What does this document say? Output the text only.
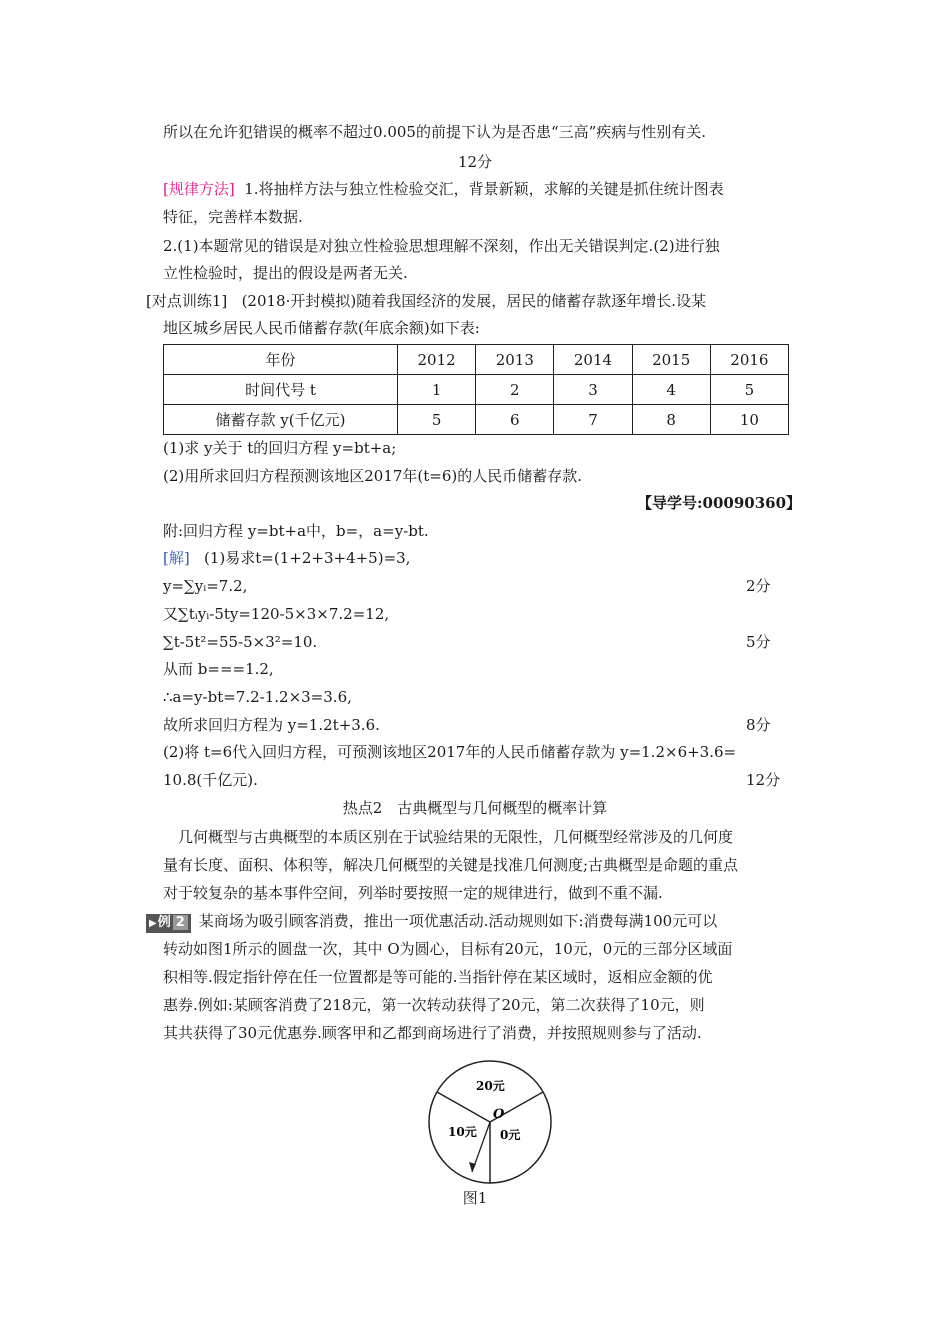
所以在允许犯错误的概率不超过0.005的前提下认为是否患“三高”疾病与性别有关.
12分
[规律方法] 1.将抽样方法与独立性检验交汇，背景新颖，求解的关键是抓住统计图表
特征，完善样本数据.
2.(1)本题常见的错误是对独立性检验思想理解不深刻，作出无关错误判定.(2)进行独
立性检验时，提出的假设是两者无关.
[对点训练1] (2018·开封模拟)随着我国经济的发展，居民的储蓄存款逐年增长.设某
地区城乡居民人民币储蓄存款(年底余额)如下表:
年份	2012	2013	2014	2015	2016
时间代号 t	1	2	3	4	5
储蓄存款 y(千亿元)	5	6	7	8	10
(1)求 y关于 t的回归方程 y=bt+a;
(2)用所求回归方程预测该地区2017年(t=6)的人民币储蓄存款.
【导学号:00090360】
附:回归方程 y=bt+a中，b=，a=y-bt.
[解] (1)易求t=(1+2+3+4+5)=3,
y=∑yᵢ=7.2,	2分
又∑tᵢyᵢ-5ty=120-5×3×7.2=12,
∑t-5t²=55-5×3²=10.	5分
从而 b===1.2,
∴a=y-bt=7.2-1.2×3=3.6,
故所求回归方程为 y=1.2t+3.6.	8分
(2)将 t=6代入回归方程，可预测该地区2017年的人民币储蓄存款为 y=1.2×6+3.6=
10.8(千亿元).	12分
热点2　古典概型与几何概型的概率计算
几何概型与古典概型的本质区别在于试验结果的无限性，几何概型经常涉及的几何度
量有长度、面积、体积等，解决几何概型的关键是找准几何测度;古典概型是命题的重点
对于较复杂的基本事件空间，列举时要按照一定的规律进行，做到不重不漏.
▶例 2 某商场为吸引顾客消费，推出一项优惠活动.活动规则如下:消费每满100元可以
转动如图1所示的圆盘一次，其中 O为圆心，目标有20元，10元，0元的三部分区域面
积相等.假定指针停在任一位置都是等可能的.当指针停在某区域时，返相应金额的优
惠券.例如:某顾客消费了218元，第一次转动获得了20元，第二次获得了10元，则
其共获得了30元优惠券.顾客甲和乙都到商场进行了消费，并按照规则参与了活动.
20元
10元 0元
O
图1
